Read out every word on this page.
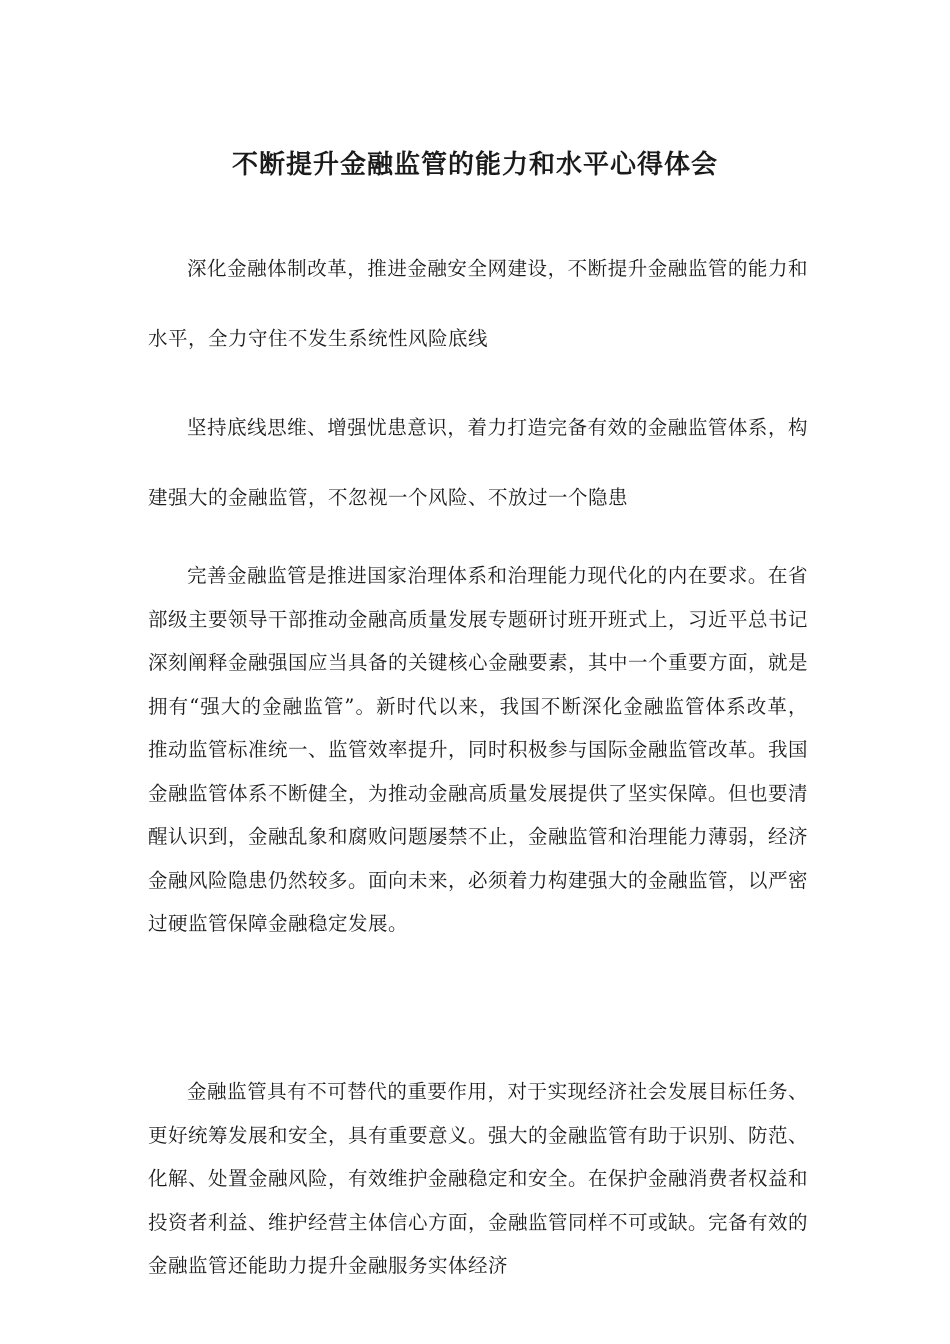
不断提升金融监管的能力和水平心得体会

深化金融体制改革，推进金融安全网建设，不断提升金融监管的能力和水平，全力守住不发生系统性风险底线

坚持底线思维、增强忧患意识，着力打造完备有效的金融监管体系，构建强大的金融监管，不忽视一个风险、不放过一个隐患

完善金融监管是推进国家治理体系和治理能力现代化的内在要求。在省部级主要领导干部推动金融高质量发展专题研讨班开班式上，习近平总书记深刻阐释金融强国应当具备的关键核心金融要素，其中一个重要方面，就是拥有“强大的金融监管”。新时代以来，我国不断深化金融监管体系改革，推动监管标准统一、监管效率提升，同时积极参与国际金融监管改革。我国金融监管体系不断健全，为推动金融高质量发展提供了坚实保障。但也要清醒认识到，金融乱象和腐败问题屡禁不止，金融监管和治理能力薄弱，经济金融风险隐患仍然较多。面向未来，必须着力构建强大的金融监管，以严密过硬监管保障金融稳定发展。

金融监管具有不可替代的重要作用，对于实现经济社会发展目标任务、更好统筹发展和安全，具有重要意义。强大的金融监管有助于识别、防范、化解、处置金融风险，有效维护金融稳定和安全。在保护金融消费者权益和投资者利益、维护经营主体信心方面，金融监管同样不可或缺。完备有效的金融监管还能助力提升金融服务实体经济
